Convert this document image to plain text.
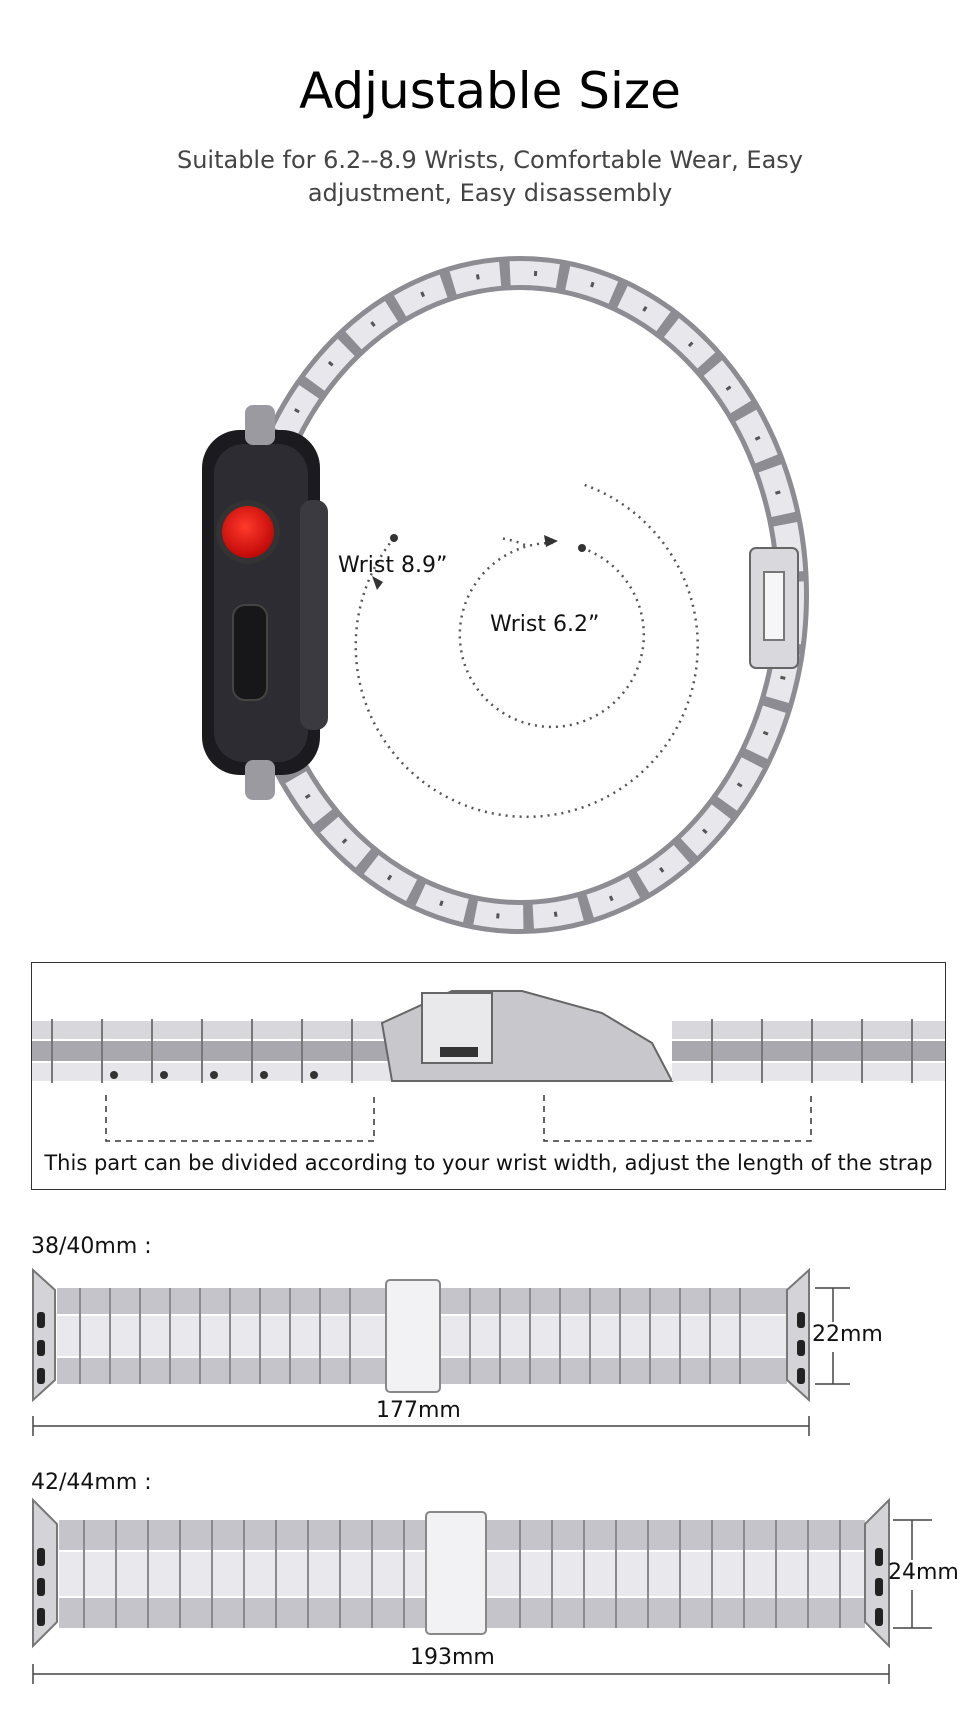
Adjustable Size
Suitable for 6.2--8.9 Wrists, Comfortable Wear, Easy adjustment, Easy disassembly
Wrist 8.9”
Wrist 6.2”
This part can be divided according to your wrist width, adjust the length of the strap
38/40mm :
22mm
177mm
42/44mm :
24mm
193mm
